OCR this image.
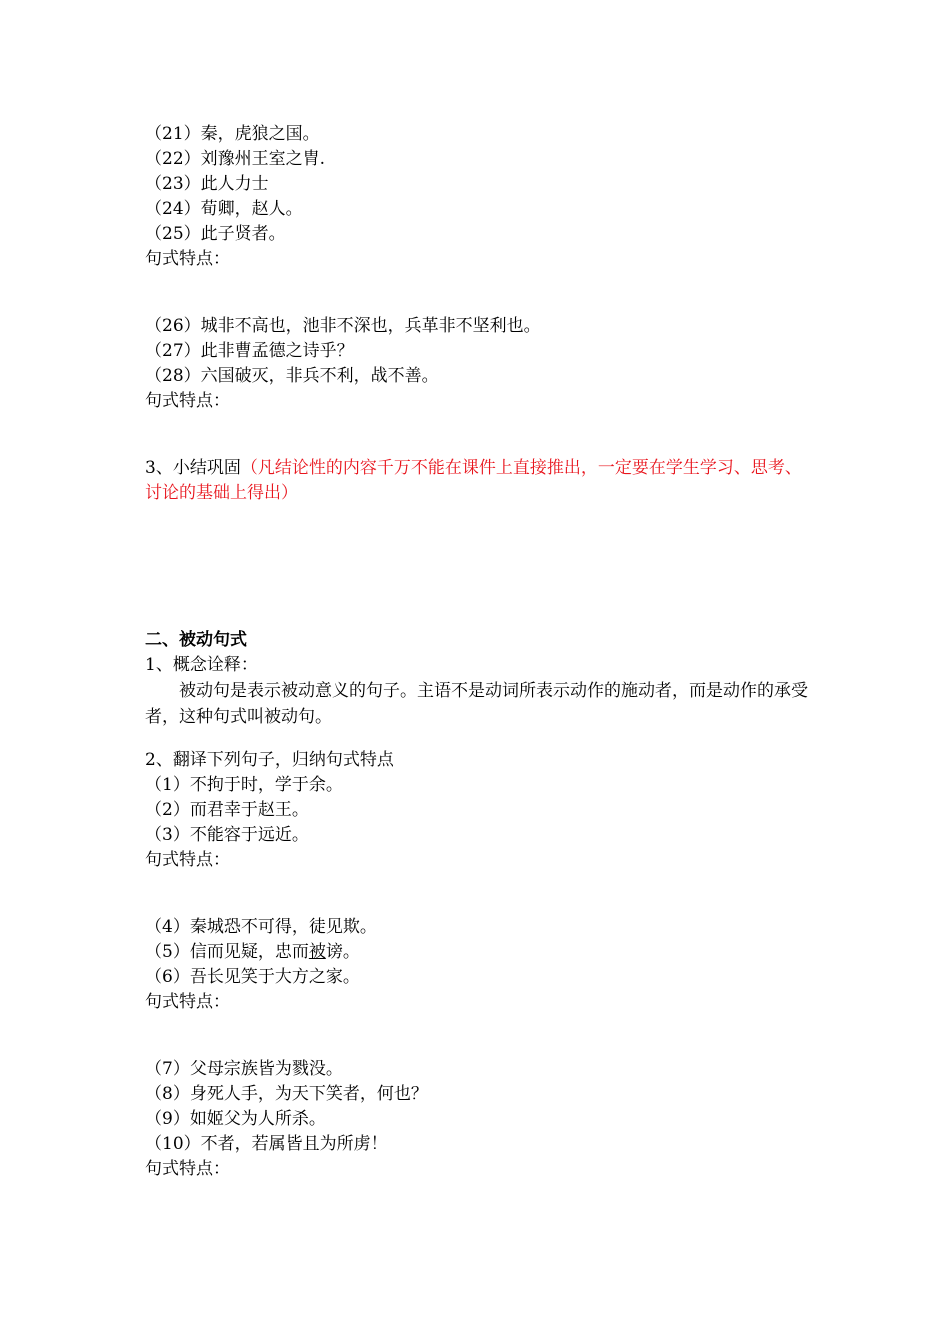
（21）秦，虎狼之国。
（22）刘豫州王室之胄.
（23）此人力士
（24）荀卿，赵人。
（25）此子贤者。
句式特点：
（26）城非不高也，池非不深也，兵革非不坚利也。
（27）此非曹孟德之诗乎？
（28）六国破灭，非兵不利，战不善。
句式特点：
3、小结巩固（凡结论性的内容千万不能在课件上直接推出，一定要在学生学习、思考、讨论的基础上得出）
二、被动句式
1、概念诠释：
被动句是表示被动意义的句子。主语不是动词所表示动作的施动者，而是动作的承受者，这种句式叫被动句。
2、翻译下列句子，归纳句式特点
（1）不拘于时，学于余。
（2）而君幸于赵王。
（3）不能容于远近。
句式特点：
（4）秦城恐不可得，徒见欺。
（5）信而见疑，忠而被谤。
（6）吾长见笑于大方之家。
句式特点：
（7）父母宗族皆为戮没。
（8）身死人手，为天下笑者，何也？
（9）如姬父为人所杀。
（10）不者，若属皆且为所虏！
句式特点：
